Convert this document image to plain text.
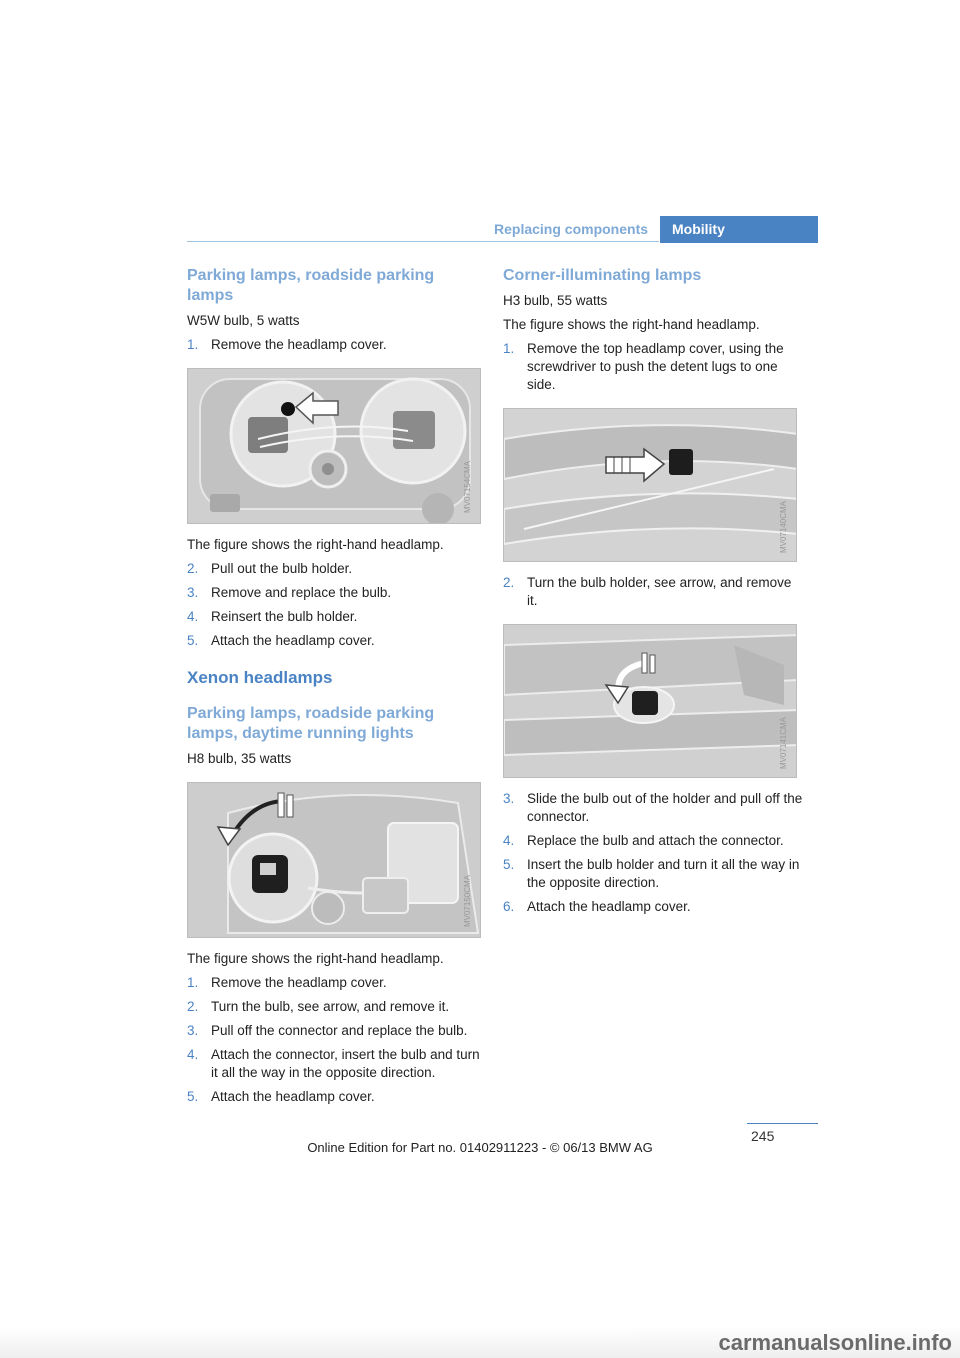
Replacing components	Mobility
Parking lamps, roadside parking lamps

W5W bulb, 5 watts

1. Remove the headlamp cover.
MV07154CMA

The figure shows the right-hand headlamp.

2. Pull out the bulb holder.
3. Remove and replace the bulb.
4. Reinsert the bulb holder.
5. Attach the headlamp cover.
Xenon headlamps
Parking lamps, roadside parking lamps, daytime running lights

H8 bulb, 35 watts

MV07150CMA

The figure shows the right-hand headlamp.

1. Remove the headlamp cover.
2. Turn the bulb, see arrow, and remove it.
3. Pull off the connector and replace the bulb.
4. Attach the connector, insert the bulb and turn it all the way in the opposite direction.
5. Attach the headlamp cover.
Corner-illuminating lamps

H3 bulb, 55 watts

The figure shows the right-hand headlamp.

1. Remove the top headlamp cover, using the screwdriver to push the detent lugs to one side.
MV07140CMA
2. Turn the bulb holder, see arrow, and remove it.
MV07141CMA
3. Slide the bulb out of the holder and pull off the connector.
4. Replace the bulb and attach the connector.
5. Insert the bulb holder and turn it all the way in the opposite direction.
6. Attach the headlamp cover.
245
Online Edition for Part no. 01402911223 - © 06/13 BMW AG
carmanualsonline.info
